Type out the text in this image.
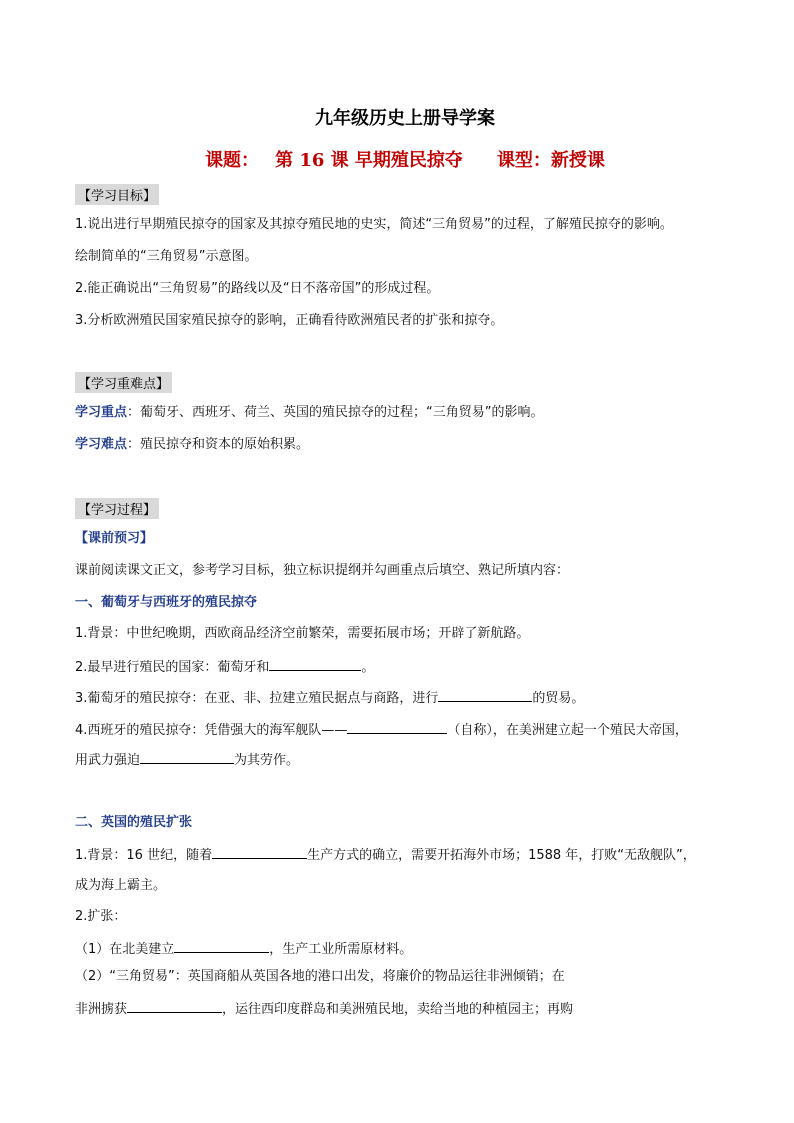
九年级历史上册导学案
课题： 第 16 课 早期殖民掠夺 课型：新授课
【学习目标】
1.说出进行早期殖民掠夺的国家及其掠夺殖民地的史实，简述“三角贸易”的过程，了解殖民掠夺的影响。
绘制简单的“三角贸易”示意图。
2.能正确说出“三角贸易”的路线以及“日不落帝国”的形成过程。
3.分析欧洲殖民国家殖民掠夺的影响，正确看待欧洲殖民者的扩张和掠夺。
【学习重难点】
学习重点：葡萄牙、西班牙、荷兰、英国的殖民掠夺的过程；“三角贸易”的影响。
学习难点：殖民掠夺和资本的原始积累。
【学习过程】
【课前预习】
课前阅读课文正文，参考学习目标，独立标识提纲并勾画重点后填空、熟记所填内容：
一、葡萄牙与西班牙的殖民掠夺
1.背景：中世纪晚期，西欧商品经济空前繁荣，需要拓展市场；开辟了新航路。
2.最早进行殖民的国家：葡萄牙和	。
3.葡萄牙的殖民掠夺：在亚、非、拉建立殖民据点与商路，进行	的贸易。
4.西班牙的殖民掠夺：凭借强大的海军舰队——	（自称），在美洲建立起一个殖民大帝国，
用武力强迫	为其劳作。
二、英国的殖民扩张
1.背景：16 世纪，随着	生产方式的确立，需要开拓海外市场；1588 年，打败“无敌舰队”，
成为海上霸主。
2.扩张：
（1）在北美建立	，生产工业所需原材料。
（2）“三角贸易”：英国商船从英国各地的港口出发，将廉价的物品运往非洲倾销；在
非洲掳获	，运往西印度群岛和美洲殖民地，卖给当地的种植园主；再购
